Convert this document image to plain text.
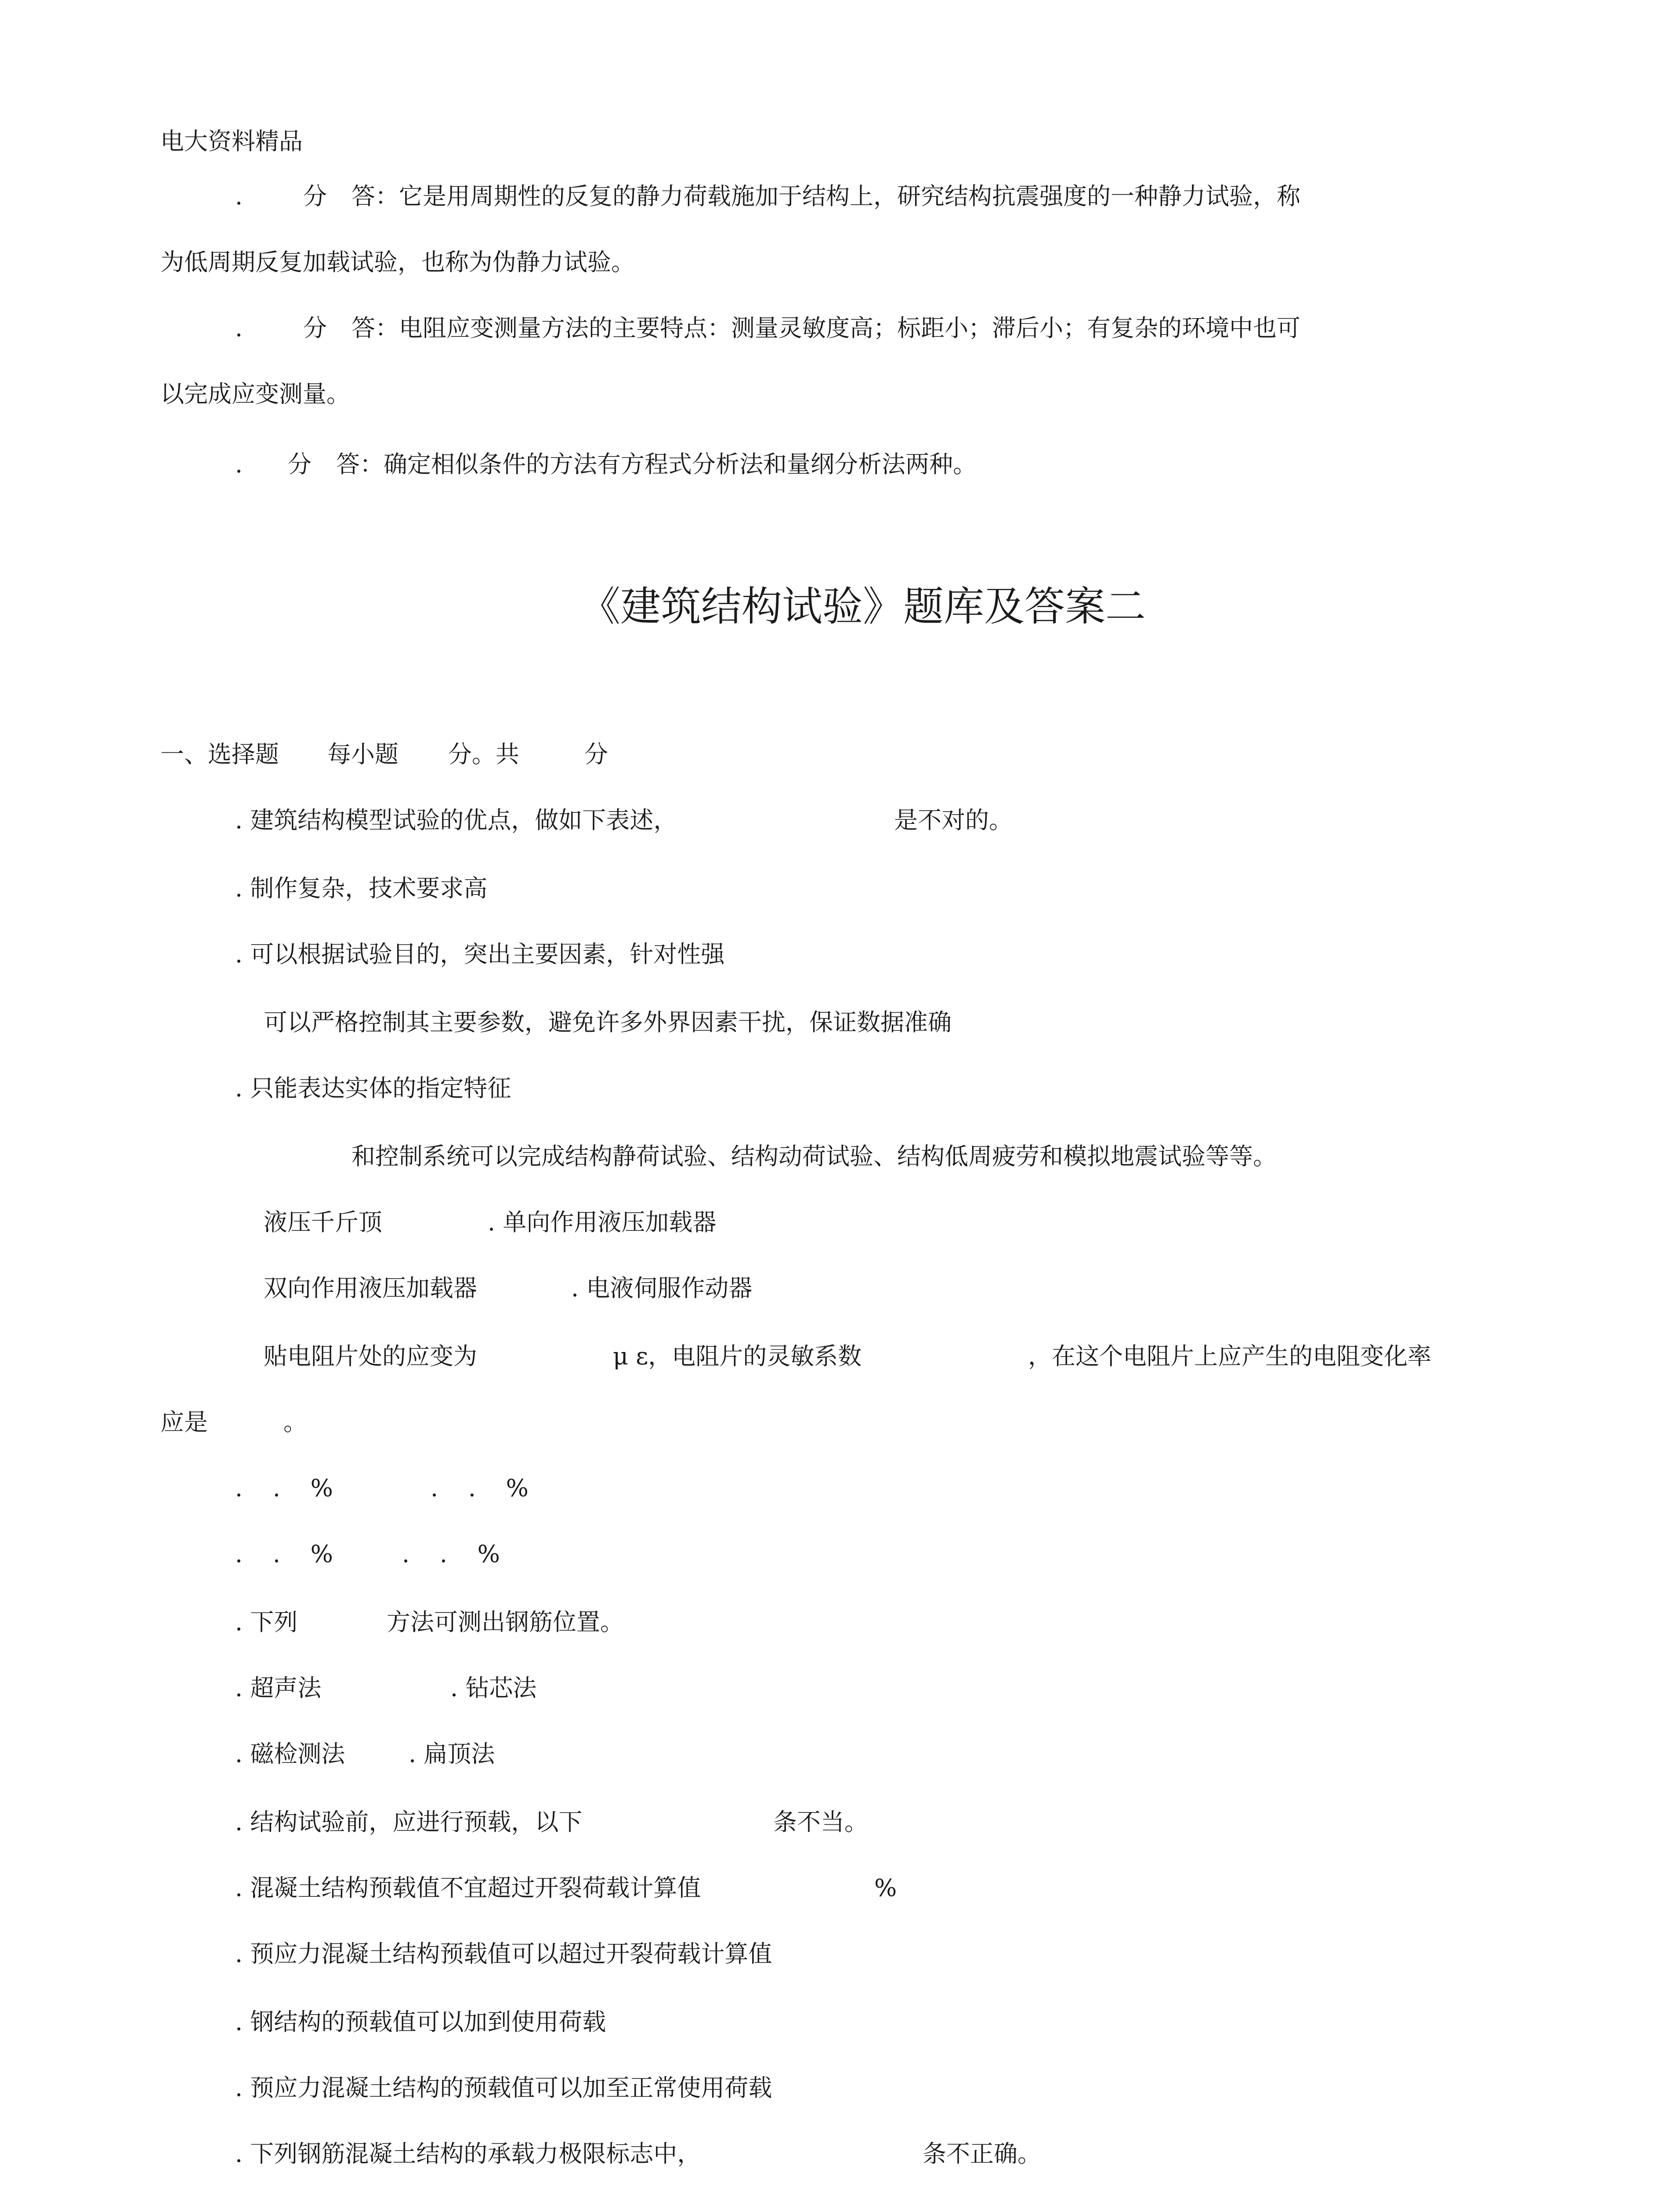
电大资料精品
.	分 答：它是用周期性的反复的静力荷载施加于结构上，研究结构抗震强度的一种静力试验，称
为低周期反复加载试验，也称为伪静力试验。
.	分 答：电阻应变测量方法的主要特点：测量灵敏度高；标距小；滞后小；有复杂的环境中也可
以完成应变测量。
. 分 答：确定相似条件的方法有方程式分析法和量纲分析法两种。
《建筑结构试验》题库及答案二
一、选择题 每小题 分。共	分
. 建筑结构模型试验的优点，做如下表述，	是不对的。
. 制作复杂，技术要求高
. 可以根据试验目的，突出主要因素，针对性强
可以严格控制其主要参数，避免许多外界因素干扰，保证数据准确
. 只能表达实体的指定特征
和控制系统可以完成结构静荷试验、结构动荷试验、结构低周疲劳和模拟地震试验等等。
液压千斤顶	. 单向作用液压加载器
双向作用液压加载器	. 电液伺服作动器
贴电阻片处的应变为	μ ε，电阻片的灵敏系数	，在这个电阻片上应产生的电阻变化率
应是	。
.    .    %	.    .    %
.    .    %	.    .    %
. 下列	方法可测出钢筋位置。
. 超声法	. 钻芯法
. 磁检测法	. 扁顶法
. 结构试验前，应进行预载，以下	条不当。
. 混凝土结构预载值不宜超过开裂荷载计算值	%
. 预应力混凝土结构预载值可以超过开裂荷载计算值
. 钢结构的预载值可以加到使用荷载
. 预应力混凝土结构的预载值可以加至正常使用荷载
. 下列钢筋混凝土结构的承载力极限标志中，	条不正确。
